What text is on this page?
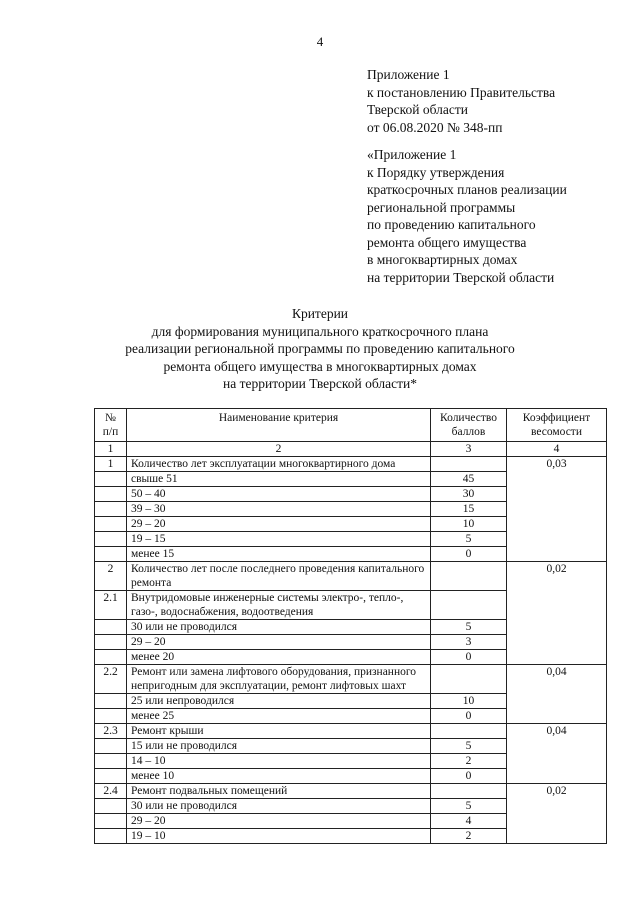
4
Приложение 1
к постановлению Правительства
Тверской области
от 06.08.2020 № 348-пп
«Приложение 1
к Порядку утверждения
краткосрочных планов реализации
региональной программы
по проведению капитального
ремонта общего имущества
в многоквартирных домах
на территории Тверской области
Критерии
для формирования муниципального краткосрочного плана
реализации региональной программы по проведению капитального
ремонта общего имущества в многоквартирных домах
на территории Тверской области*
№ п/п	Наименование критерия	Количество баллов	Коэффициент весомости
1	2	3	4
1	Количество лет эксплуатации многоквартирного дома		0,03
	свыше 51	45	
	50 – 40	30	
	39 – 30	15	
	29 – 20	10	
	19 – 15	5	
	менее 15	0	
2	Количество лет после последнего проведения капитального ремонта		0,02
2.1	Внутридомовые инженерные системы электро-, тепло-, газо-, водоснабжения, водоотведения		
	30 или не проводился	5	
	29 – 20	3	
	менее 20	0	
2.2	Ремонт или замена лифтового оборудования, признанного непригодным для эксплуатации, ремонт лифтовых шахт		0,04
	25 или непроводился	10	
	менее 25	0	
2.3	Ремонт крыши		0,04
	15 или не проводился	5	
	14 – 10	2	
	менее 10	0	
2.4	Ремонт подвальных помещений		0,02
	30 или не проводился	5	
	29 – 20	4	
	19 – 10	2	
